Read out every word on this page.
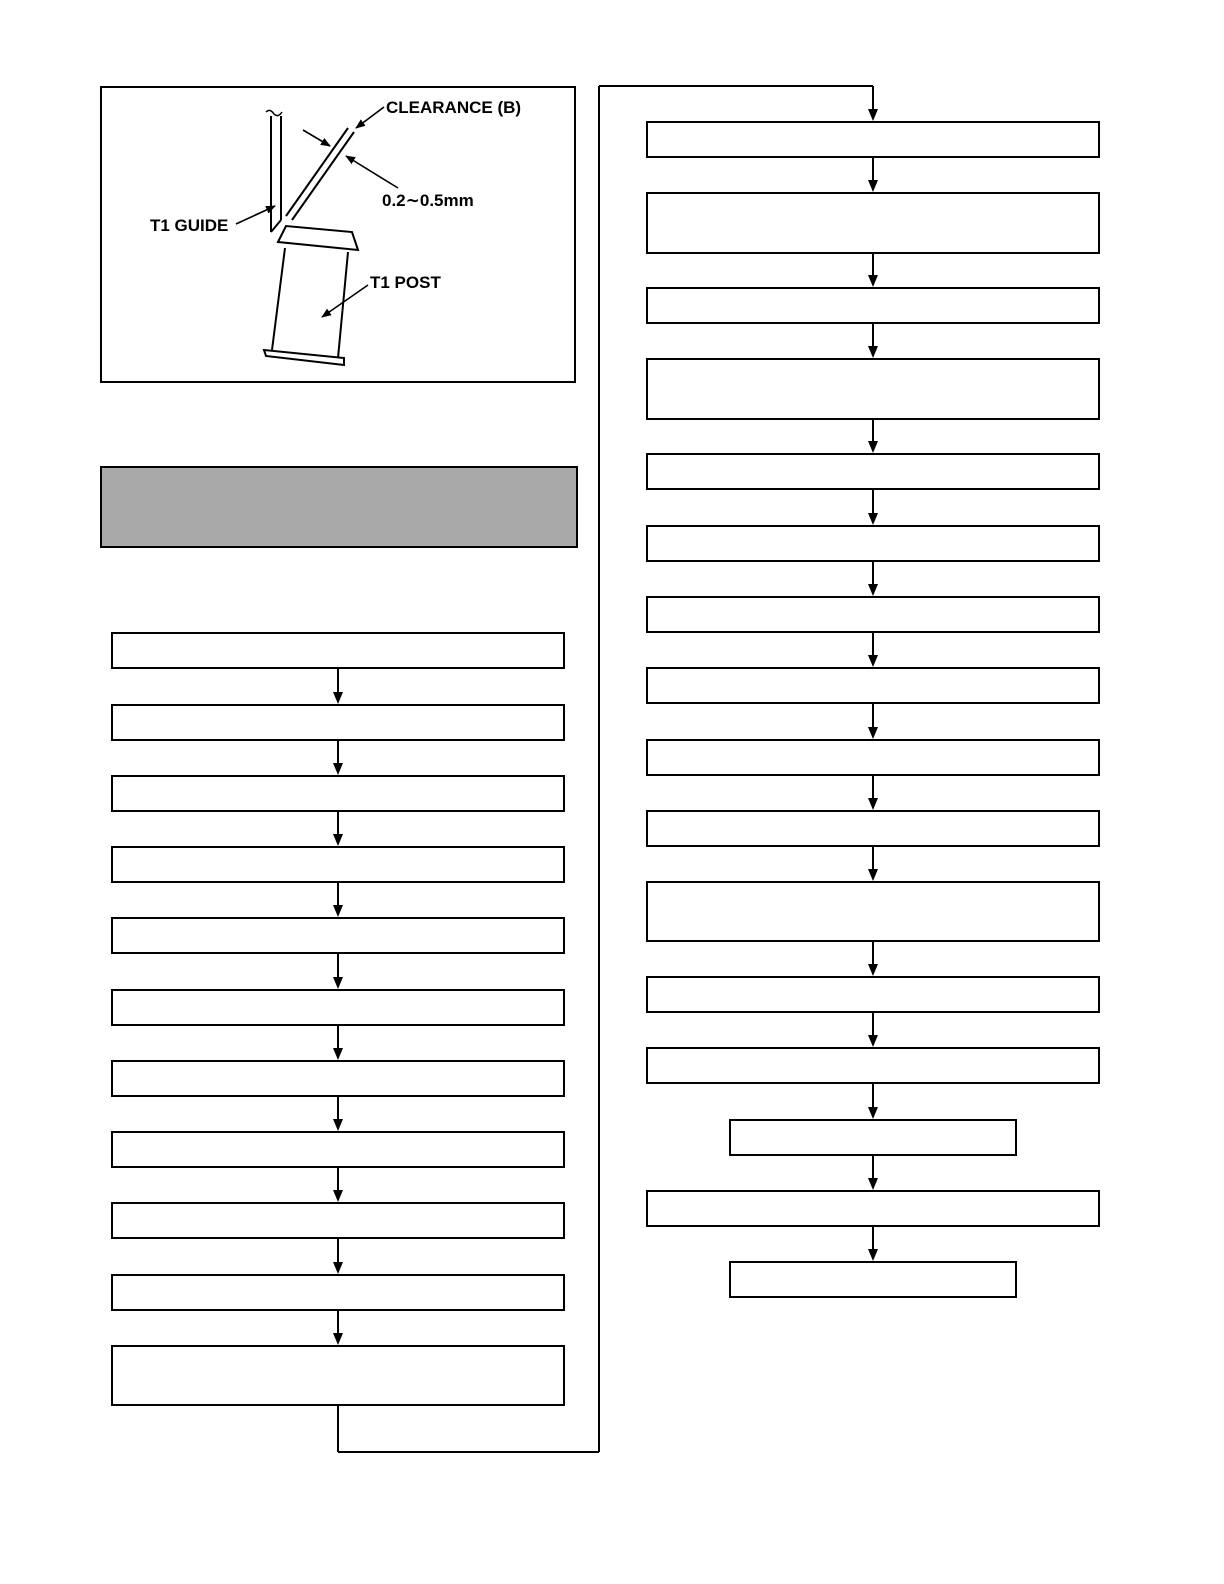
CLEARANCE (B)
0.2∼0.5mm
T1 GUIDE
T1 POST
